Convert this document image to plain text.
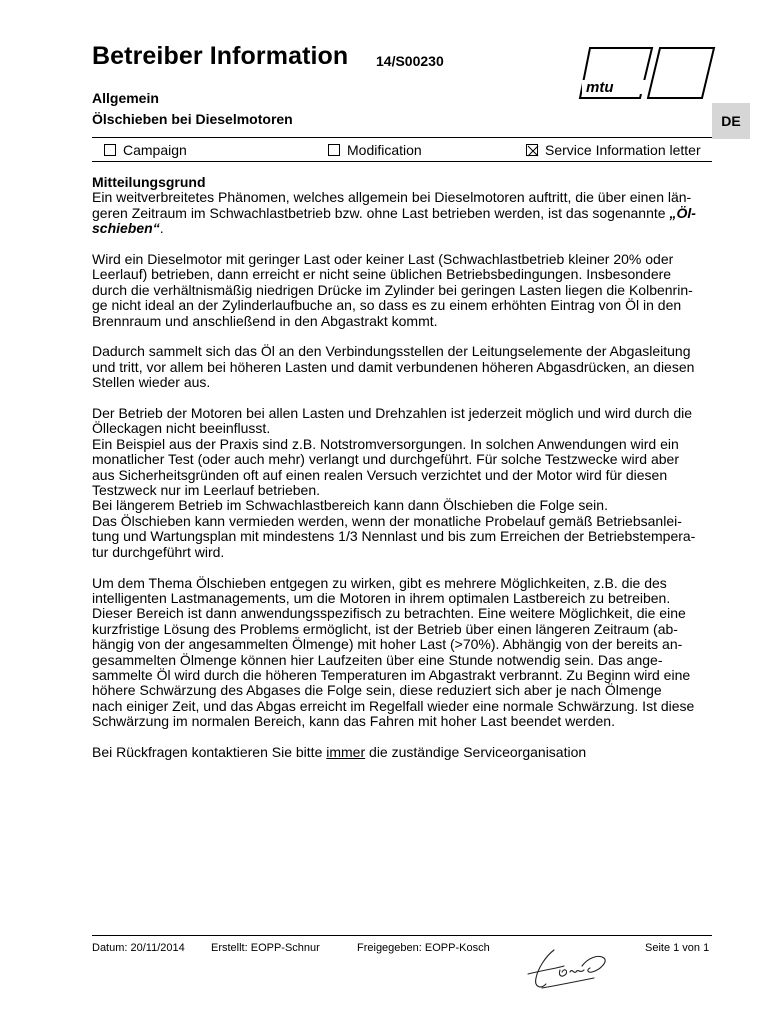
Betreiber Information 14/S00230
mtu
DE
Allgemein
Ölschieben bei Dieselmotoren
Campaign	Modification	Service Information letter
Mitteilungsgrund

Ein weitverbreitetes Phänomen, welches allgemein bei Dieselmotoren auftritt, die über einen län-
geren Zeitraum im Schwachlastbetrieb bzw. ohne Last betrieben werden, ist das sogenannte „Öl-
schieben“.

Wird ein Dieselmotor mit geringer Last oder keiner Last (Schwachlastbetrieb kleiner 20% oder
Leerlauf) betrieben, dann erreicht er nicht seine üblichen Betriebsbedingungen. Insbesondere
durch die verhältnismäßig niedrigen Drücke im Zylinder bei geringen Lasten liegen die Kolbenrin-
ge nicht ideal an der Zylinderlaufbuche an, so dass es zu einem erhöhten Eintrag von Öl in den
Brennraum und anschließend in den Abgastrakt kommt.

Dadurch sammelt sich das Öl an den Verbindungsstellen der Leitungselemente der Abgasleitung
und tritt, vor allem bei höheren Lasten und damit verbundenen höheren Abgasdrücken, an diesen
Stellen wieder aus.

Der Betrieb der Motoren bei allen Lasten und Drehzahlen ist jederzeit möglich und wird durch die
Ölleckagen nicht beeinflusst.
Ein Beispiel aus der Praxis sind z.B. Notstromversorgungen. In solchen Anwendungen wird ein
monatlicher Test (oder auch mehr) verlangt und durchgeführt. Für solche Testzwecke wird aber
aus Sicherheitsgründen oft auf einen realen Versuch verzichtet und der Motor wird für diesen
Testzweck nur im Leerlauf betrieben.
Bei längerem Betrieb im Schwachlastbereich kann dann Ölschieben die Folge sein.
Das Ölschieben kann vermieden werden, wenn der monatliche Probelauf gemäß Betriebsanlei-
tung und Wartungsplan mit mindestens 1/3 Nennlast und bis zum Erreichen der Betriebstempera-
tur durchgeführt wird.

Um dem Thema Ölschieben entgegen zu wirken, gibt es mehrere Möglichkeiten, z.B. die des
intelligenten Lastmanagements, um die Motoren in ihrem optimalen Lastbereich zu betreiben.
Dieser Bereich ist dann anwendungsspezifisch zu betrachten. Eine weitere Möglichkeit, die eine
kurzfristige Lösung des Problems ermöglicht, ist der Betrieb über einen längeren Zeitraum (ab-
hängig von der angesammelten Ölmenge) mit hoher Last (>70%). Abhängig von der bereits an-
gesammelten Ölmenge können hier Laufzeiten über eine Stunde notwendig sein. Das ange-
sammelte Öl wird durch die höheren Temperaturen im Abgastrakt verbrannt. Zu Beginn wird eine
höhere Schwärzung des Abgases die Folge sein, diese reduziert sich aber je nach Ölmenge
nach einiger Zeit, und das Abgas erreicht im Regelfall wieder eine normale Schwärzung. Ist diese
Schwärzung im normalen Bereich, kann das Fahren mit hoher Last beendet werden.

Bei Rückfragen kontaktieren Sie bitte immer die zuständige Serviceorganisation

Datum: 20/11/2014 Erstellt: EOPP-Schnur	Freigegeben: EOPP-Kosch	Seite 1 von 1
